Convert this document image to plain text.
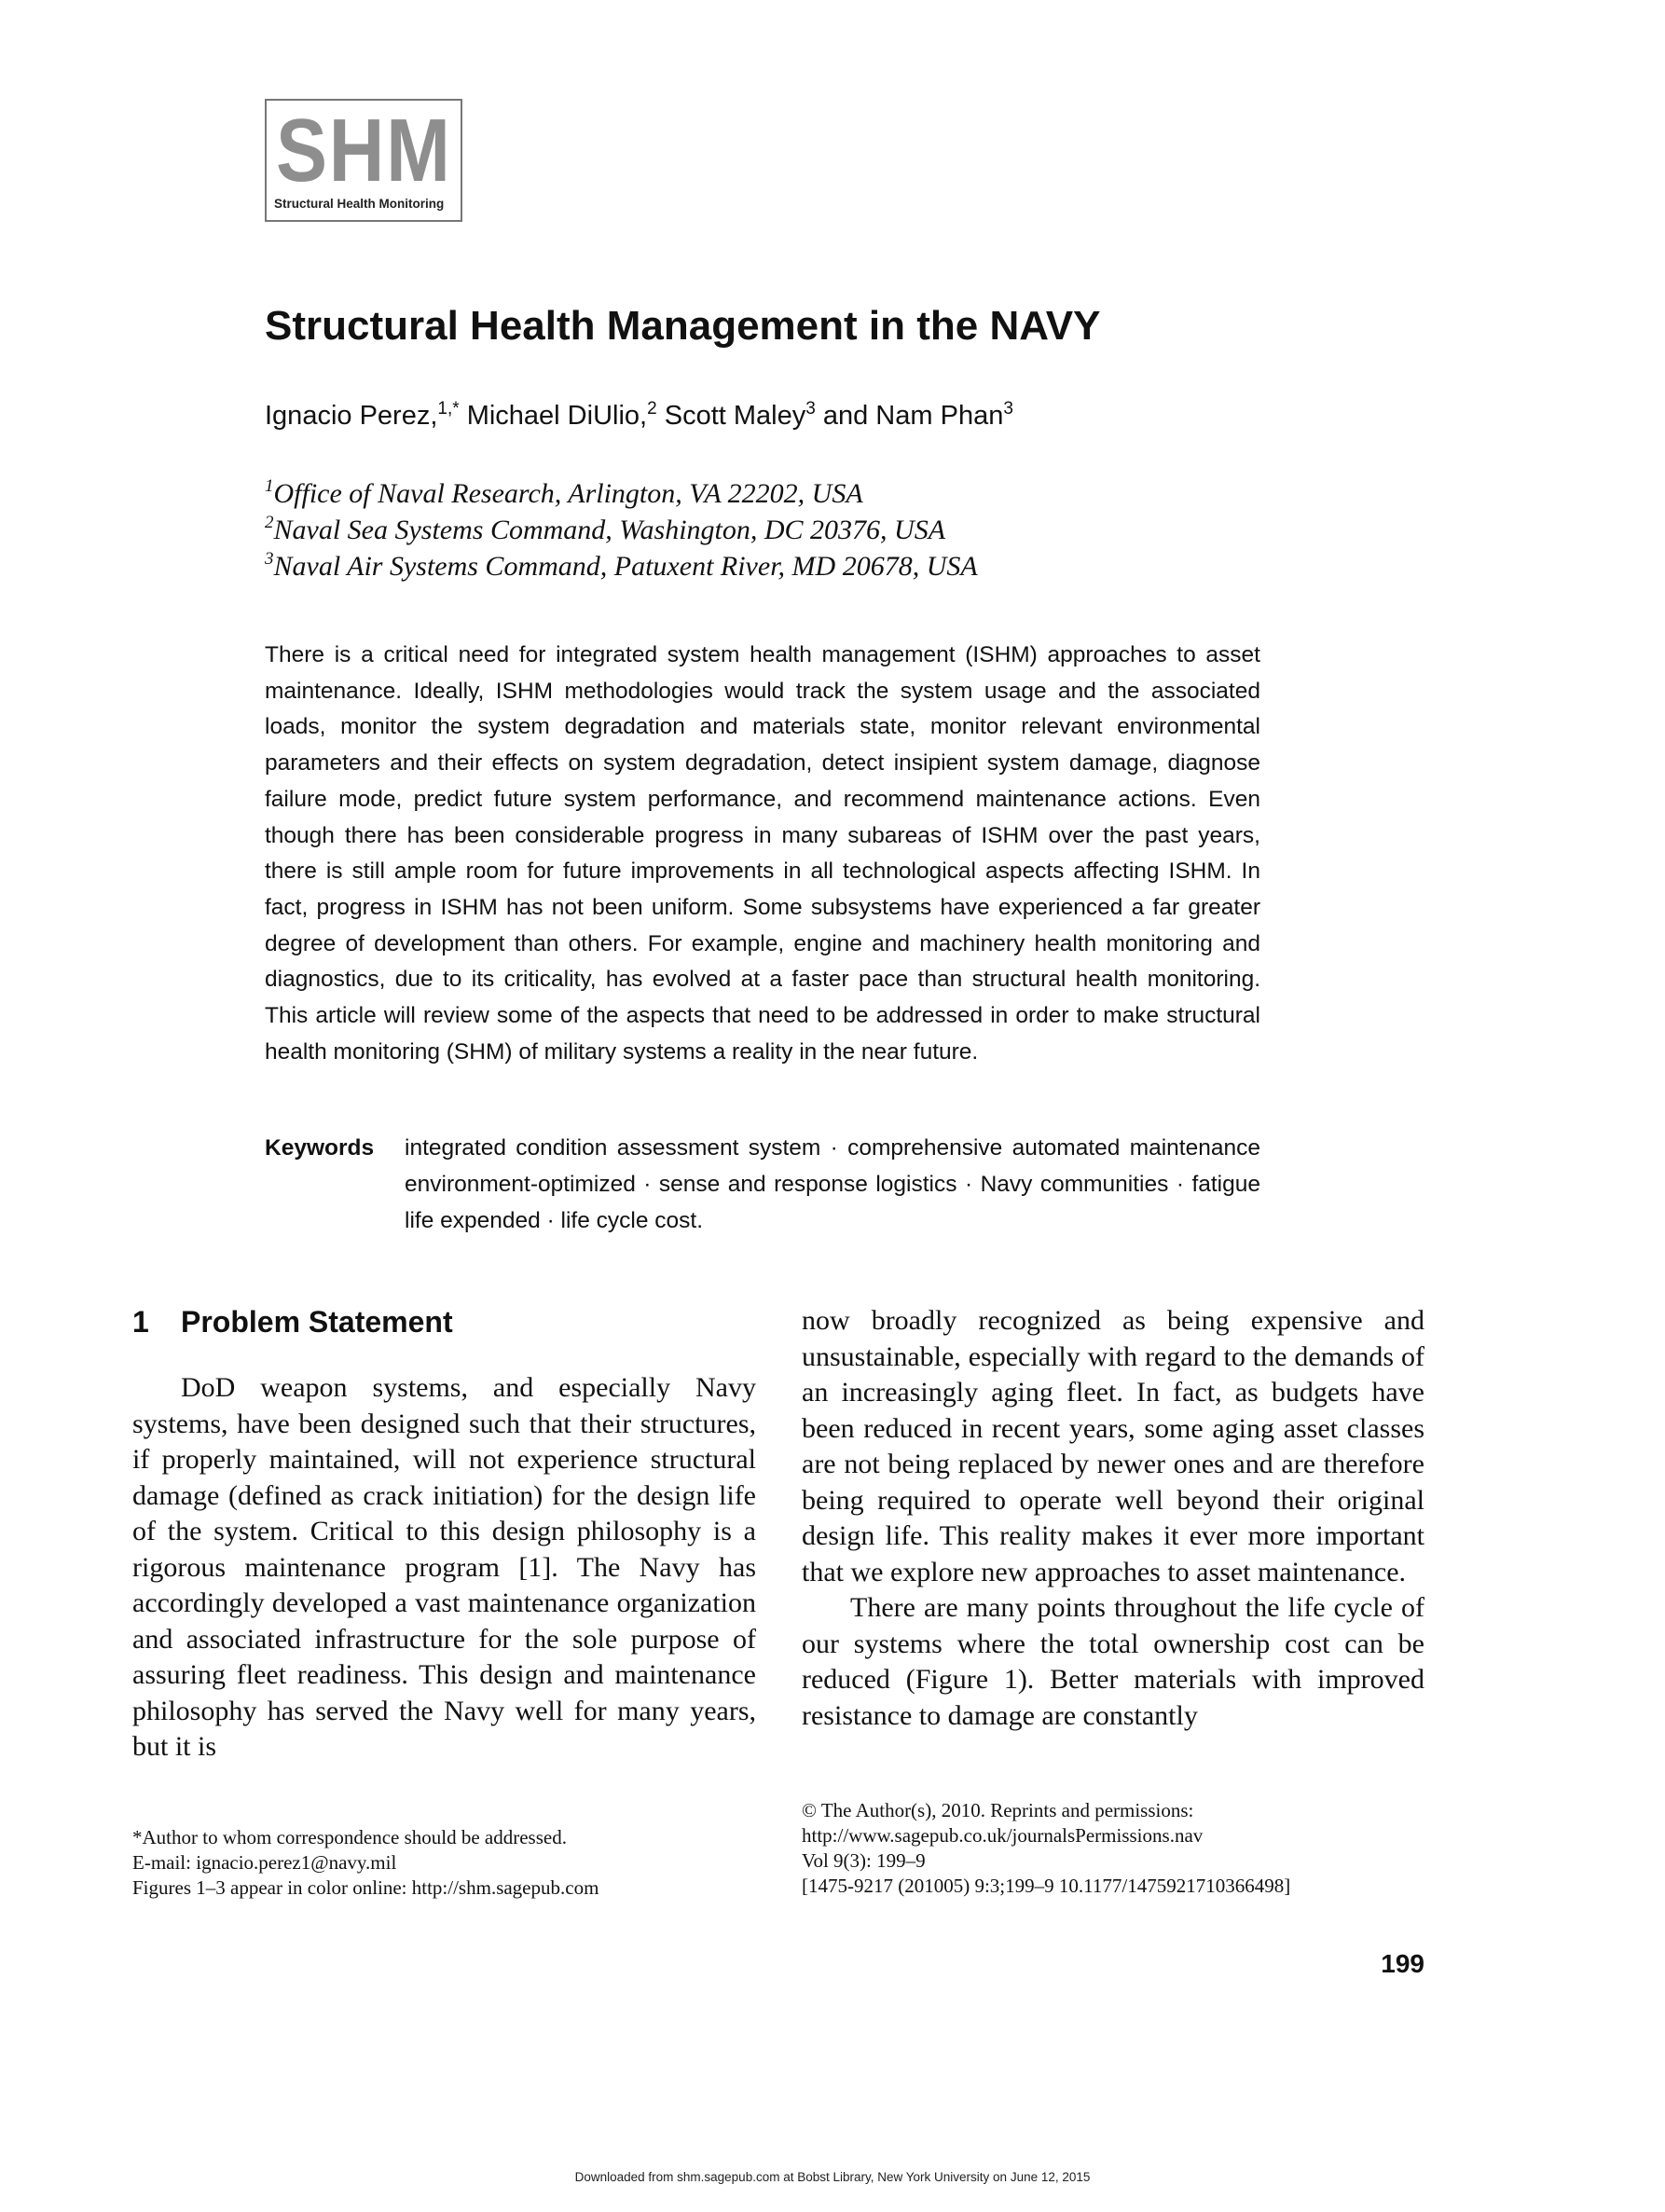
SHM
Structural Health Monitoring
Structural Health Management in the NAVY
Ignacio Perez,$^{1,*}$ Michael DiUlio,$^2$ Scott Maley$^3$ and Nam Phan$^3$
$^1$Office of Naval Research, Arlington, VA 22202, USA
$^2$Naval Sea Systems Command, Washington, DC 20376, USA
$^3$Naval Air Systems Command, Patuxent River, MD 20678, USA

There is a critical need for integrated system health management (ISHM) approaches to asset maintenance. Ideally, ISHM methodologies would track the system usage and the associated loads, monitor the system degradation and materials state, monitor relevant environmental parameters and their effects on system degradation, detect insipient system damage, diagnose failure mode, predict future system performance, and recommend maintenance actions. Even though there has been considerable progress in many subareas of ISHM over the past years, there is still ample room for future improvements in all technological aspects affecting ISHM. In fact, progress in ISHM has not been uniform. Some subsystems have experienced a far greater degree of development than others. For example, engine and machinery health monitoring and diagnostics, due to its criticality, has evolved at a faster pace than structural health monitoring. This article will review some of the aspects that need to be addressed in order to make structural health monitoring (SHM) of military systems a reality in the near future.

Keywords integrated condition assessment system · comprehensive automated maintenance environment-optimized · sense and response logistics · Navy communities · fatigue life expended · life cycle cost.
1 Problem Statement

DoD weapon systems, and especially Navy systems, have been designed such that their structures, if properly maintained, will not experience structural damage (defined as crack initiation) for the design life of the system. Critical to this design philosophy is a rigorous maintenance program [1]. The Navy has accordingly developed a vast maintenance organization and associated infrastructure for the sole purpose of assuring fleet readiness. This design and maintenance philosophy has served the Navy well for many years, but it is

now broadly recognized as being expensive and unsustainable, especially with regard to the demands of an increasingly aging fleet. In fact, as budgets have been reduced in recent years, some aging asset classes are not being replaced by newer ones and are therefore being required to operate well beyond their original design life. This reality makes it ever more important that we explore new approaches to asset maintenance.

There are many points throughout the life cycle of our systems where the total ownership cost can be reduced (Figure 1). Better materials with improved resistance to damage are constantly

*Author to whom correspondence should be addressed.
E-mail: ignacio.perez1@navy.mil
Figures 1–3 appear in color online: http://shm.sagepub.com
© The Author(s), 2010. Reprints and permissions:
http://www.sagepub.co.uk/journalsPermissions.nav
Vol 9(3): 199–9
[1475-9217 (201005) 9:3;199–9 10.1177/1475921710366498]
199
Downloaded from shm.sagepub.com at Bobst Library, New York University on June 12, 2015
